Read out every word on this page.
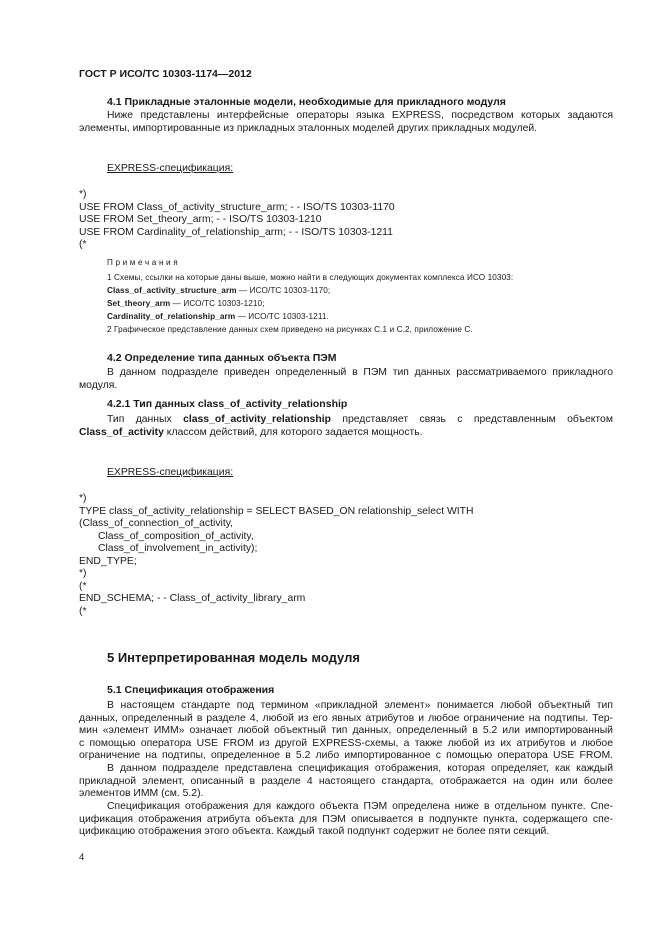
ГОСТ Р ИСО/ТС 10303-1174—2012
4.1 Прикладные эталонные модели, необходимые для прикладного модуля
Ниже представлены интерфейсные операторы языка EXPRESS, посредством которых задаются
элементы, импортированные из прикладных эталонных моделей других прикладных модулей.
EXPRESS-спецификация:
*)
USE FROM Class_of_activity_structure_arm; - - ISO/TS 10303-1170
USE FROM Set_theory_arm; - - ISO/TS 10303-1210
USE FROM Cardinality_of_relationship_arm; - - ISO/TS 10303-1211
(*
Примечания
1 Схемы, ссылки на которые даны выше, можно найти в следующих документах комплекса ИСО 10303:
Class_of_activity_structure_arm — ИСО/ТС 10303-1170;
Set_theory_arm — ИСО/ТС 10303-1210;
Cardinality_of_relationship_arm — ИСО/ТС 10303-1211.
2 Графическое представление данных схем приведено на рисунках С.1 и С.2, приложение С.
4.2 Определение типа данных объекта ПЭМ
В данном подразделе приведен определенный в ПЭМ тип данных рассматриваемого прикладного
модуля.
4.2.1 Тип данных class_of_activity_relationship
Тип данных class_of_activity_relationship представляет связь с представленным объектом
Class_of_activity классом действий, для которого задается мощность.
EXPRESS-спецификация:
*)
TYPE class_of_activity_relationship = SELECT BASED_ON relationship_select WITH
(Class_of_connection_of_activity,
Class_of_composition_of_activity,
Class_of_involvement_in_activity);
END_TYPE;
*)
(*
END_SCHEMA; - - Class_of_activity_library_arm
(*
5 Интерпретированная модель модуля
5.1 Спецификация отображения
В настоящем стандарте под термином «прикладной элемент» понимается любой объектный тип
данных, определенный в разделе 4, любой из его явных атрибутов и любое ограничение на подтипы. Тер-
мин «элемент ИММ» означает любой объектный тип данных, определенный в 5.2 или импортированный
с помощью оператора USE FROM из другой EXPRESS-схемы, а также любой из их атрибутов и любое
ограничение на подтипы, определенное в 5.2 либо импортированное с помощью оператора USE FROM.
В данном подразделе представлена спецификация отображения, которая определяет, как каждый
прикладной элемент, описанный в разделе 4 настоящего стандарта, отображается на один или более
элементов ИММ (см. 5.2).
Спецификация отображения для каждого объекта ПЭМ определена ниже в отдельном пункте. Спе-
цификация отображения атрибута объекта для ПЭМ описывается в подпункте пункта, содержащего спе-
цификацию отображения этого объекта. Каждый такой подпункт содержит не более пяти секций.
4
